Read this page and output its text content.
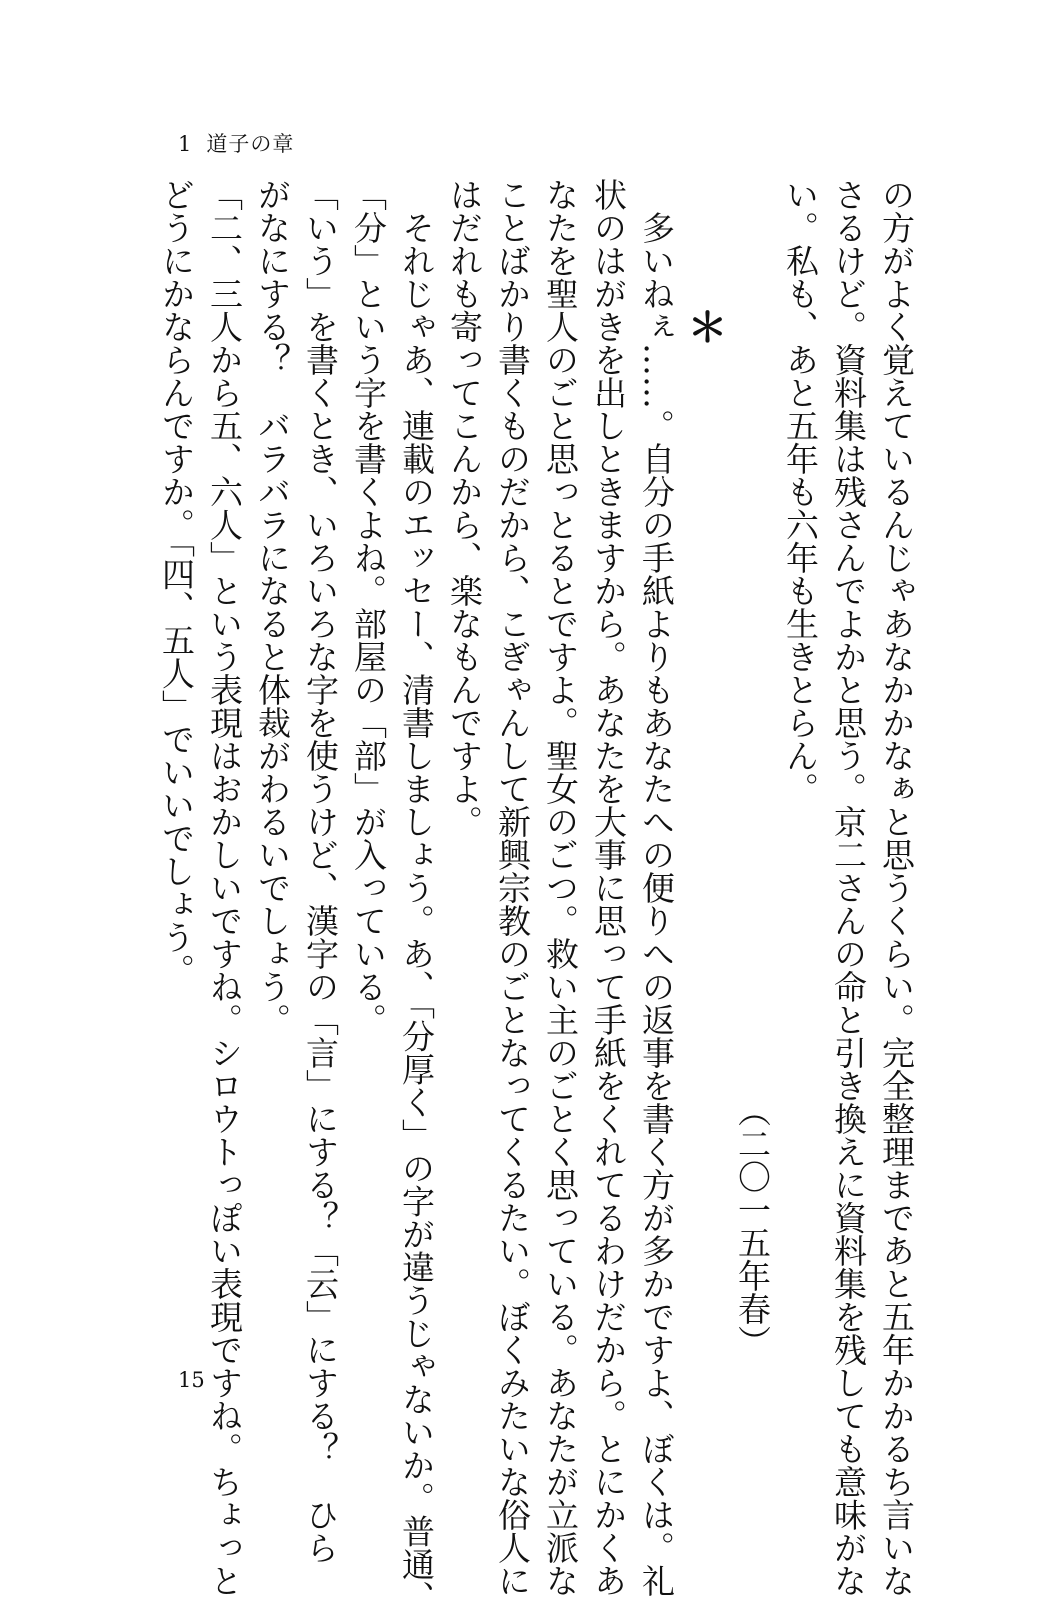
1 道子の章
の方がよく覚えているんじゃあなかかなぁと思うくらい。完全整理まであと五年かかるち言いな
さるけど。資料集は残さんでよかと思う。京二さんの命と引き換えに資料集を残しても意味がな
い。私も、あと五年も六年も生きとらん。
（二〇一五年春）
＊
　多いねぇ……。自分の手紙よりもあなたへの便りへの返事を書く方が多かですよ、ぼくは。礼
状のはがきを出しときますから。あなたを大事に思って手紙をくれてるわけだから。とにかくあ
なたを聖人のごと思っとるとですよ。聖女のごつ。救い主のごとく思っている。あなたが立派な
ことばかり書くものだから、こぎゃんして新興宗教のごとなってくるたい。ぼくみたいな俗人に
はだれも寄ってこんから、楽なもんですよ。
　それじゃあ、連載のエッセー、清書しましょう。あ、「分厚く」の字が違うじゃないか。普通、
「分」という字を書くよね。部屋の「部」が入っている。
「いう」を書くとき、いろいろな字を使うけど、漢字の「言」にする？「云」にする？　ひら
がなにする？　バラバラになると体裁がわるいでしょう。
「二、三人から五、六人」という表現はおかしいですね。シロウトっぽい表現ですね。ちょっと
どうにかならんですか。「四、五人」でいいでしょう。
15
